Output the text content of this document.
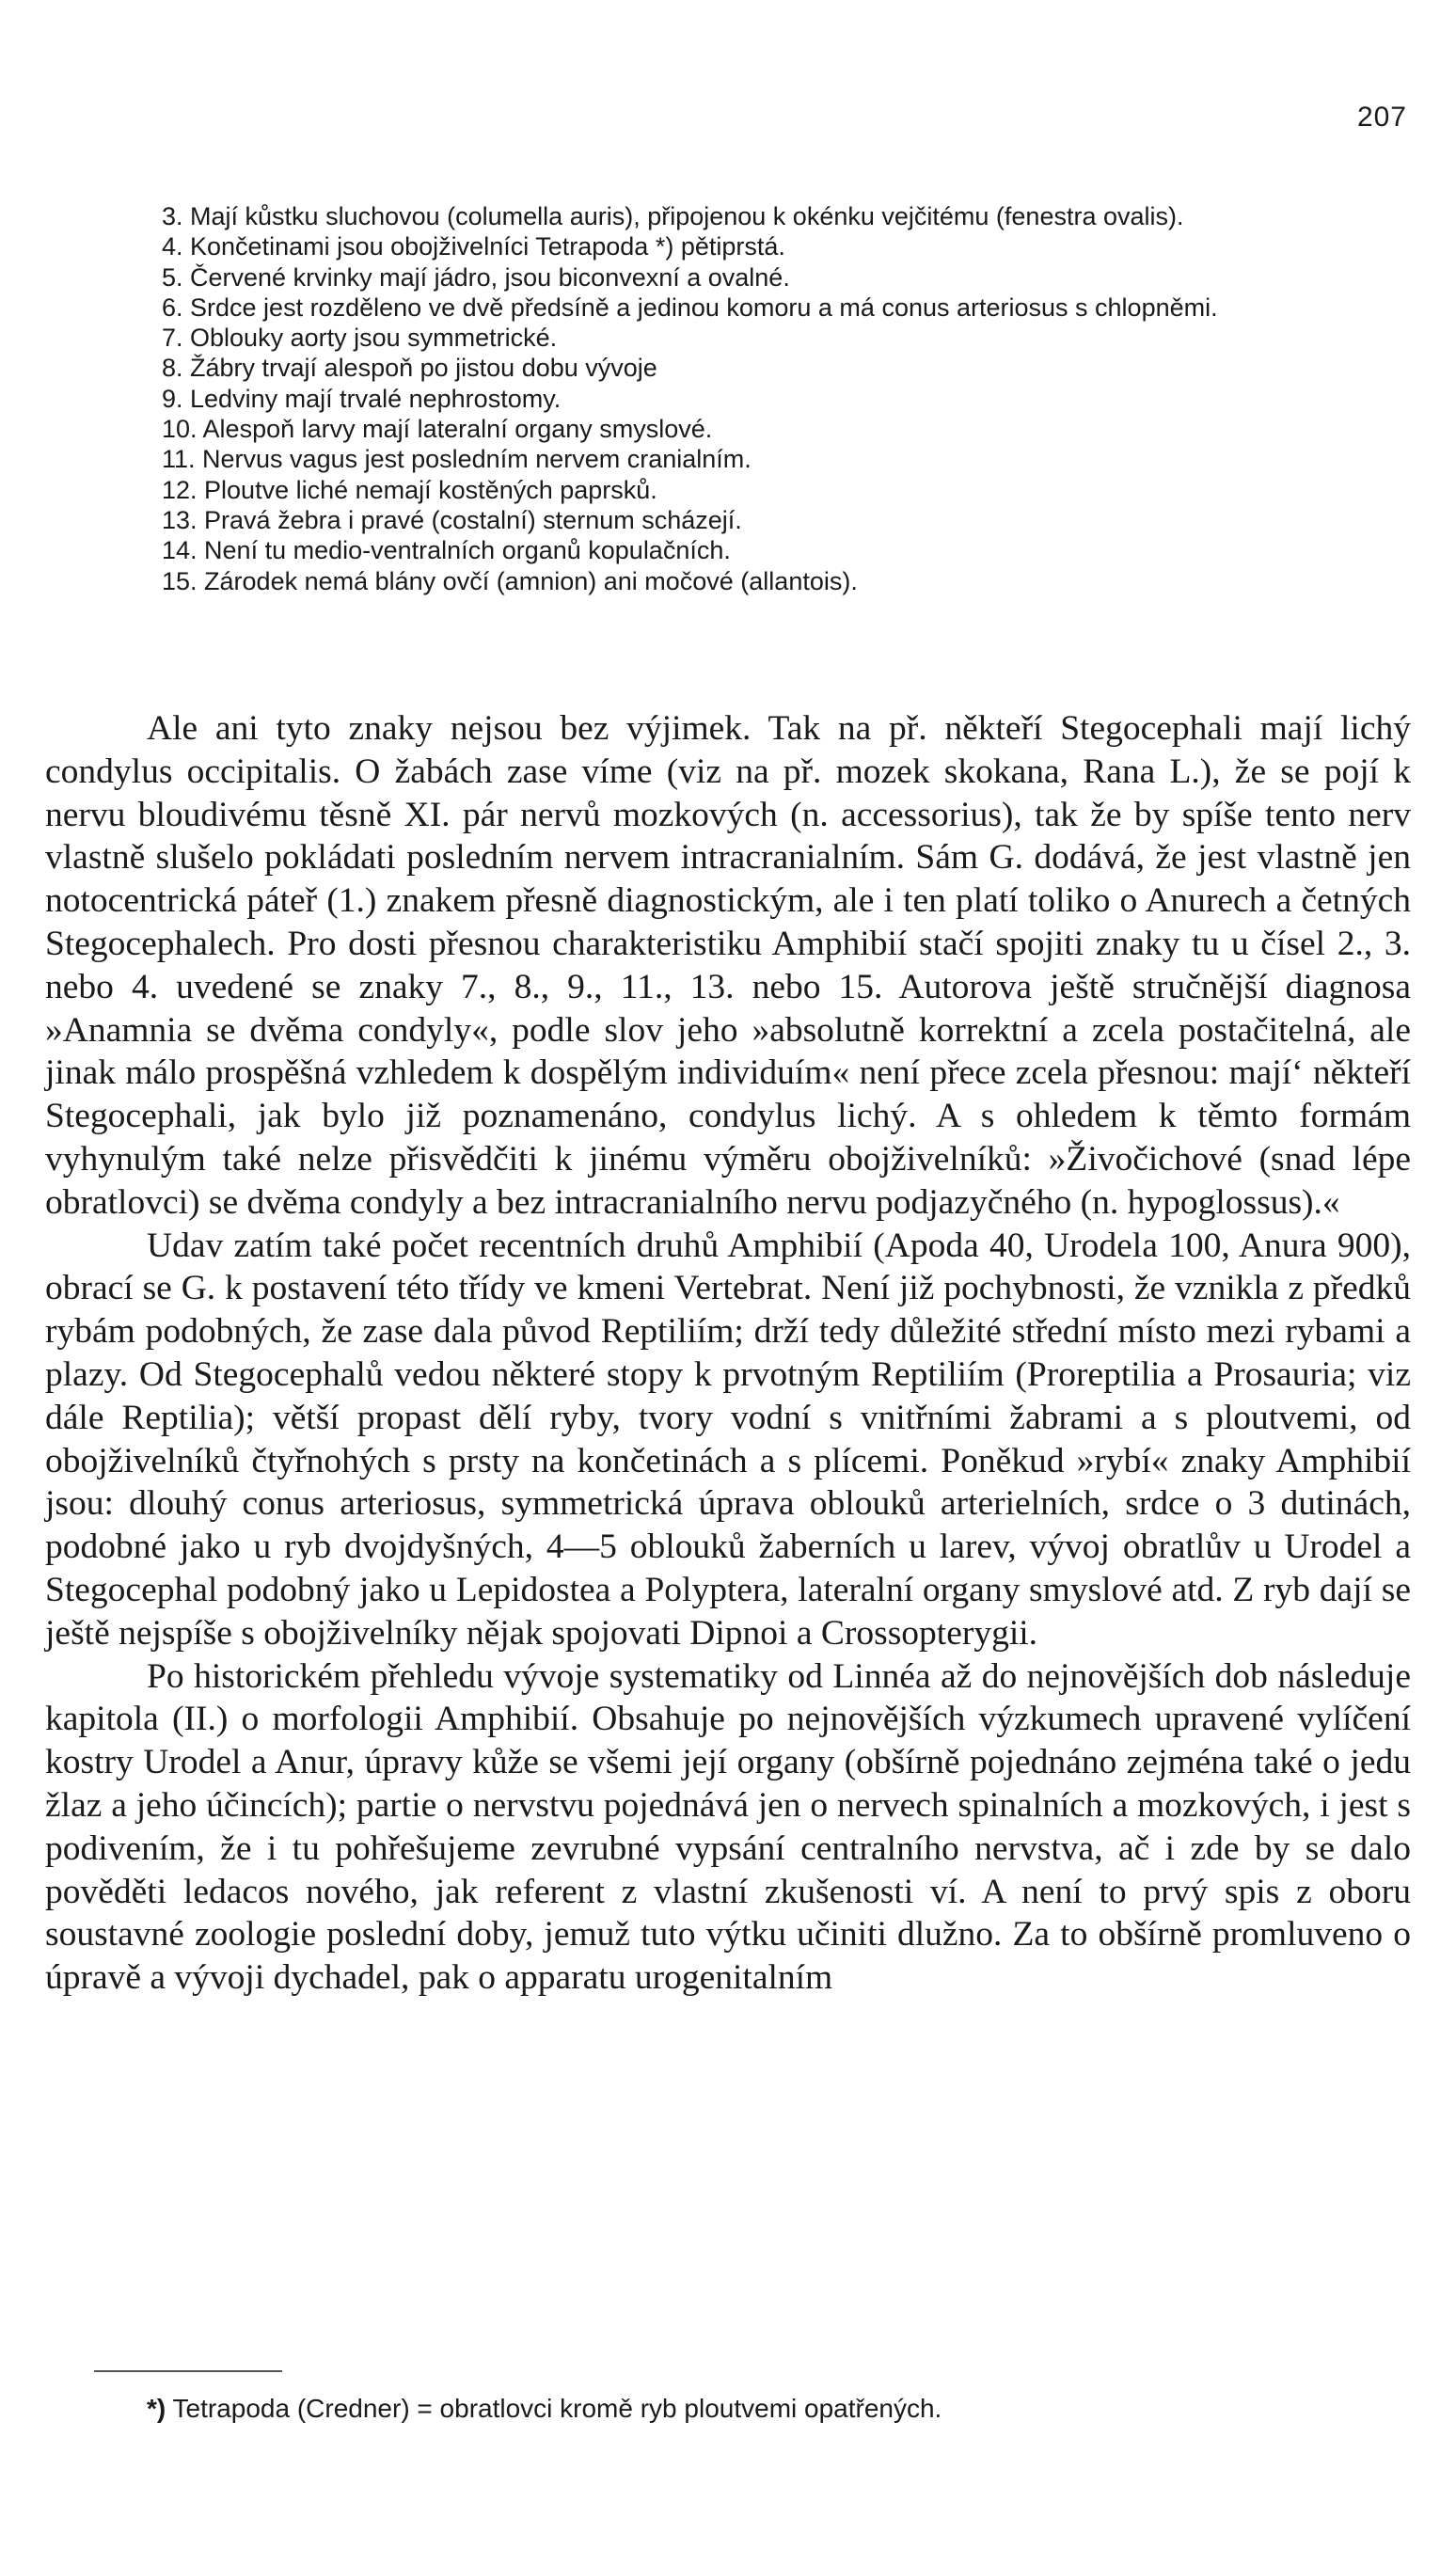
207

3. Mají kůstku sluchovou (columella auris), připojenou k okénku vejčitému (fenestra ovalis).

4. Končetinami jsou obojživelníci Tetrapoda *) pětiprstá.

5. Červené krvinky mají jádro, jsou biconvexní a ovalné.

6. Srdce jest rozděleno ve dvě předsíně a jedinou komoru a má conus arteriosus s chlopněmi.

7. Oblouky aorty jsou symmetrické.

8. Žábry trvají alespoň po jistou dobu vývoje

9. Ledviny mají trvalé nephrostomy.

10. Alespoň larvy mají lateralní organy smyslové.

11. Nervus vagus jest posledním nervem cranialním.

12. Ploutve liché nemají kostěných paprsků.

13. Pravá žebra i pravé (costalní) sternum scházejí.

14. Není tu medio-ventralních organů kopulačních.

15. Zárodek nemá blány ovčí (amnion) ani močové (allantois).

Ale ani tyto znaky nejsou bez výjimek. Tak na př. někteří Stegocephali mají lichý condylus occipitalis. O žabách zase víme (viz na př. mozek skokana, Rana L.), že se pojí k nervu bloudivému těsně XI. pár nervů mozkových (n. accessorius), tak že by spíše tento nerv vlastně slušelo pokládati posledním nervem intracranialním. Sám G. dodává, že jest vlastně jen notocentrická páteř (1.) znakem přesně diagnostickým, ale i ten platí toliko o Anurech a četných Stegocephalech. Pro dosti přesnou charakteristiku Amphibií stačí spojiti znaky tu u čísel 2., 3. nebo 4. uvedené se znaky 7., 8., 9., 11., 13. nebo 15. Autorova ještě stručnější diagnosa »Anamnia se dvěma condyly«, podle slov jeho »absolutně korrektní a zcela postačitelná, ale jinak málo prospěšná vzhledem k dospělým individuím« není přece zcela přesnou: mají‘ někteří Stegocephali, jak bylo již poznamenáno, condylus lichý. A s ohledem k těmto formám vyhynulým také nelze přisvědčiti k jinému výměru obojživelníků: »Živočichové (snad lépe obratlovci) se dvěma condyly a bez intracranialního nervu podjazyčného (n. hypoglossus).«

Udav zatím také počet recentních druhů Amphibií (Apoda 40, Urodela 100, Anura 900), obrací se G. k postavení této třídy ve kmeni Vertebrat. Není již pochybnosti, že vznikla z předků rybám podobných, že zase dala původ Reptiliím; drží tedy důležité střední místo mezi rybami a plazy. Od Stegocephalů vedou některé stopy k prvotným Reptiliím (Proreptilia a Prosauria; viz dále Reptilia); větší propast dělí ryby, tvory vodní s vnitřními žabrami a s ploutvemi, od obojživelníků čtyřnohých s prsty na končetinách a s plícemi. Poněkud »rybí« znaky Amphibií jsou: dlouhý conus arteriosus, symmetrická úprava oblouků arterielních, srdce o 3 dutinách, podobné jako u ryb dvojdyšných, 4—5 oblouků žaberních u larev, vývoj obratlův u Urodel a Stegocephal podobný jako u Lepidostea a Polyptera, lateralní organy smyslové atd. Z ryb dají se ještě nejspíše s obojživelníky nějak spojovati Dipnoi a Crossopterygii.

Po historickém přehledu vývoje systematiky od Linnéa až do nejnovějších dob následuje kapitola (II.) o morfologii Amphibií. Obsahuje po nejnovějších výzkumech upravené vylíčení kostry Urodel a Anur, úpravy kůže se všemi její organy (obšírně pojednáno zejména také o jedu žlaz a jeho účincích); partie o nervstvu pojednává jen o nervech spinalních a mozkových, i jest s podivením, že i tu pohřešujeme zevrubné vypsání centralního nervstva, ač i zde by se dalo pověděti ledacos nového, jak referent z vlastní zkušenosti ví. A není to prvý spis z oboru soustavné zoologie poslední doby, jemuž tuto výtku učiniti dlužno. Za to obšírně promluveno o úpravě a vývoji dychadel, pak o apparatu urogenitalním

*) Tetrapoda (Credner) = obratlovci kromě ryb ploutvemi opatřených.
